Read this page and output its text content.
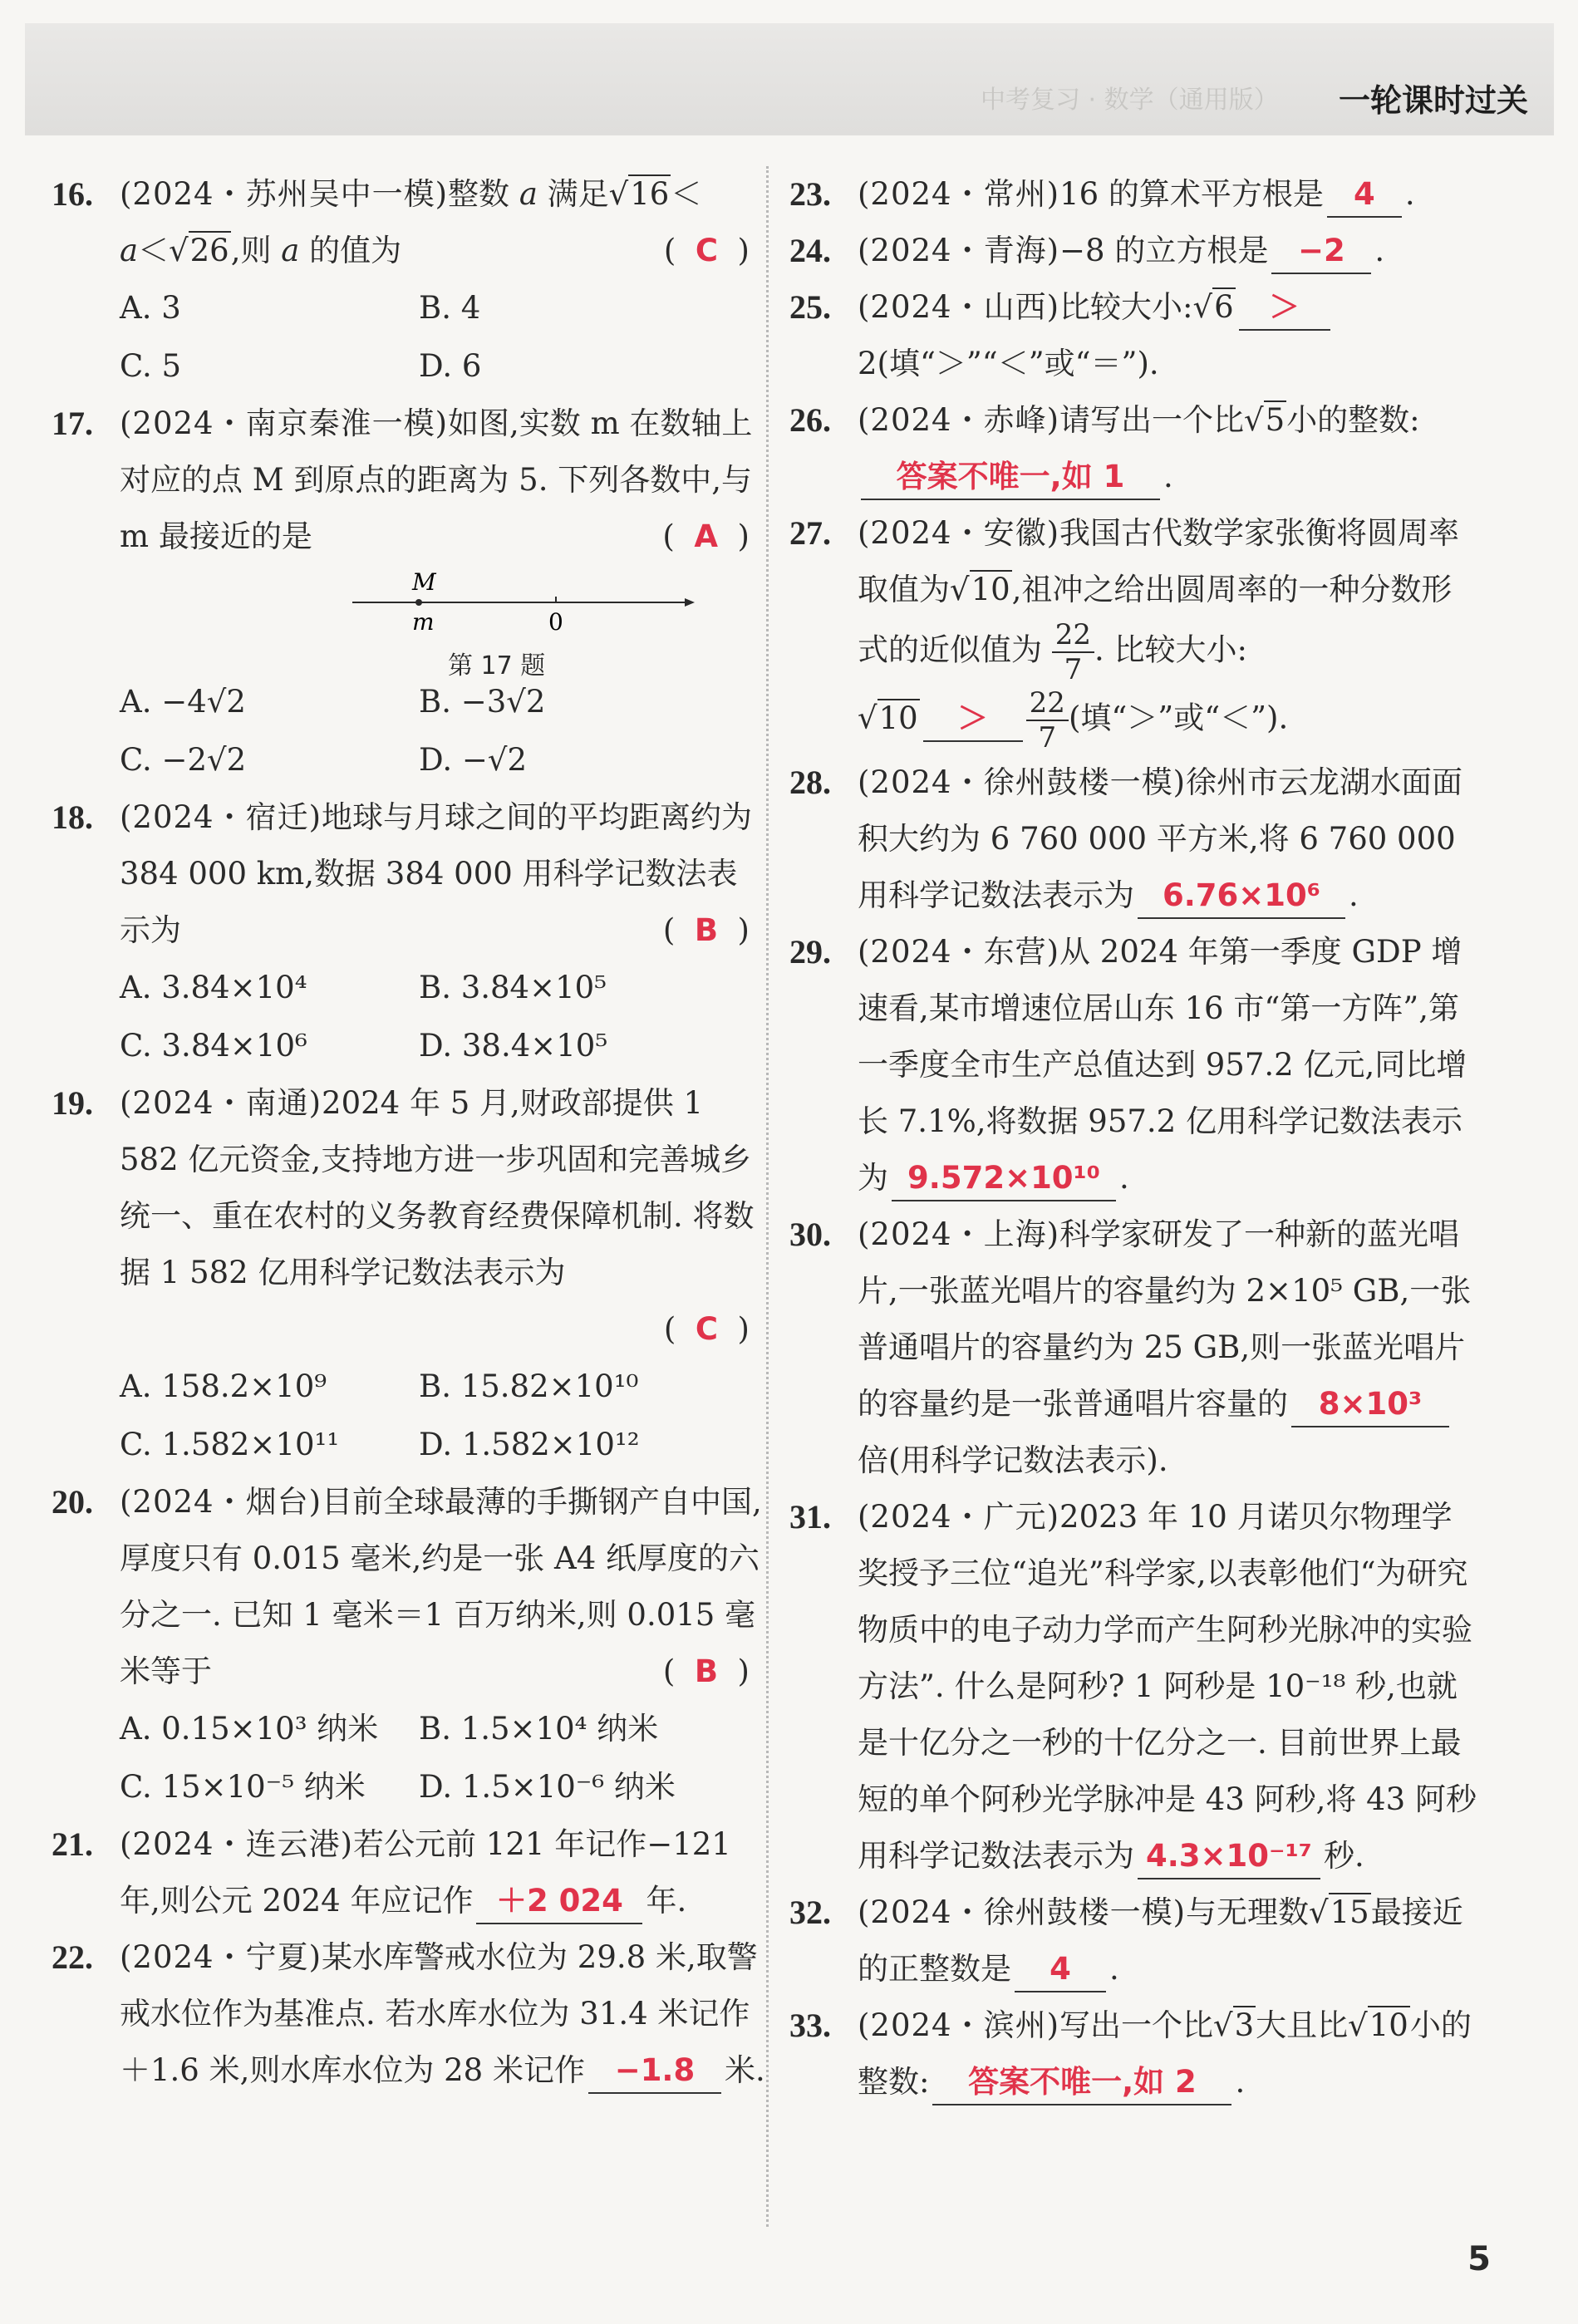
中考复习 · 数学（通用版） 一轮课时过关
16. (2024・苏州吴中一模)整数 a 满足√16＜
a＜√26,则 a 的值为	(  C  )
A. 3	B. 4
C. 5	D. 6
17. (2024・南京秦淮一模)如图,实数 m 在数轴上对应的点 M 到原点的距离为 5. 下列各数中,与 m 最接近的是	(  A  )
M
m	0
第 17 题
A. −4√2	B. −3√2
C. −2√2	D. −√2
18. (2024・宿迁)地球与月球之间的平均距离约为 384 000 km,数据 384 000 用科学记数法表示为	(  B  )
A. 3.84×10⁴	B. 3.84×10⁵
C. 3.84×10⁶	D. 38.4×10⁵
19. (2024・南通)2024 年 5 月,财政部提供 1 582 亿元资金,支持地方进一步巩固和完善城乡统一、重在农村的义务教育经费保障机制. 将数据 1 582 亿用科学记数法表示为

(  C  )
A. 158.2×10⁹	B. 15.82×10¹⁰
C. 1.582×10¹¹	D. 1.582×10¹²
20. (2024・烟台)目前全球最薄的手撕钢产自中国,厚度只有 0.015 毫米,约是一张 A4 纸厚度的六分之一. 已知 1 毫米＝1 百万纳米,则 0.015 毫米等于	(  B  )
A. 0.15×10³ 纳米	B. 1.5×10⁴ 纳米
C. 15×10⁻⁵ 纳米	D. 1.5×10⁻⁶ 纳米
21. (2024・连云港)若公元前 121 年记作−121 年,则公元 2024 年应记作 ＋2 024 年.
22. (2024・宁夏)某水库警戒水位为 29.8 米,取警戒水位作为基准点. 若水库水位为 31.4 米记作＋1.6 米,则水库水位为 28 米记作 −1.8 米.
23. (2024・常州)16 的算术平方根是 4 .
24. (2024・青海)−8 的立方根是 −2 .
25. (2024・山西)比较大小:√6 ＞2(填“＞”“＜”或“＝”).
26. (2024・赤峰)请写出一个比√5小的整数:
答案不唯一,如 1 .
27. (2024・安徽)我国古代数学家张衡将圆周率取值为√10,祖冲之给出圆周率的一种分数形式的近似值为 $\frac{22}{7}$ . 比较大小:
$√10 > \frac{22}{7}$ (填“＞”或“＜”).
28. (2024・徐州鼓楼一模)徐州市云龙湖水面面积大约为 6 760 000 平方米,将 6 760 000 用科学记数法表示为 6.76×10⁶ .
29. (2024・东营)从 2024 年第一季度 GDP 增速看,某市增速位居山东 16 市“第一方阵”,第一季度全市生产总值达到 957.2 亿元,同比增长 7.1%,将数据 957.2 亿用科学记数法表示为 9.572×10¹⁰ .
30. (2024・上海)科学家研发了一种新的蓝光唱片,一张蓝光唱片的容量约为 2×10⁵ GB,一张普通唱片的容量约为 25 GB,则一张蓝光唱片的容量约是一张普通唱片容量的 8×10³倍(用科学记数法表示).
31. (2024・广元)2023 年 10 月诺贝尔物理学奖授予三位“追光”科学家,以表彰他们“为研究物质中的电子动力学而产生阿秒光脉冲的实验方法”. 什么是阿秒? 1 阿秒是 10⁻¹⁸ 秒,也就是十亿分之一秒的十亿分之一. 目前世界上最短的单个阿秒光学脉冲是 43 阿秒,将 43 阿秒用科学记数法表示为 4.3×10⁻¹⁷ 秒.
32. (2024・徐州鼓楼一模)与无理数√15最接近的正整数是 4 .
33. (2024・滨州)写出一个比√3大且比√10小的整数: 答案不唯一,如 2 .
5
